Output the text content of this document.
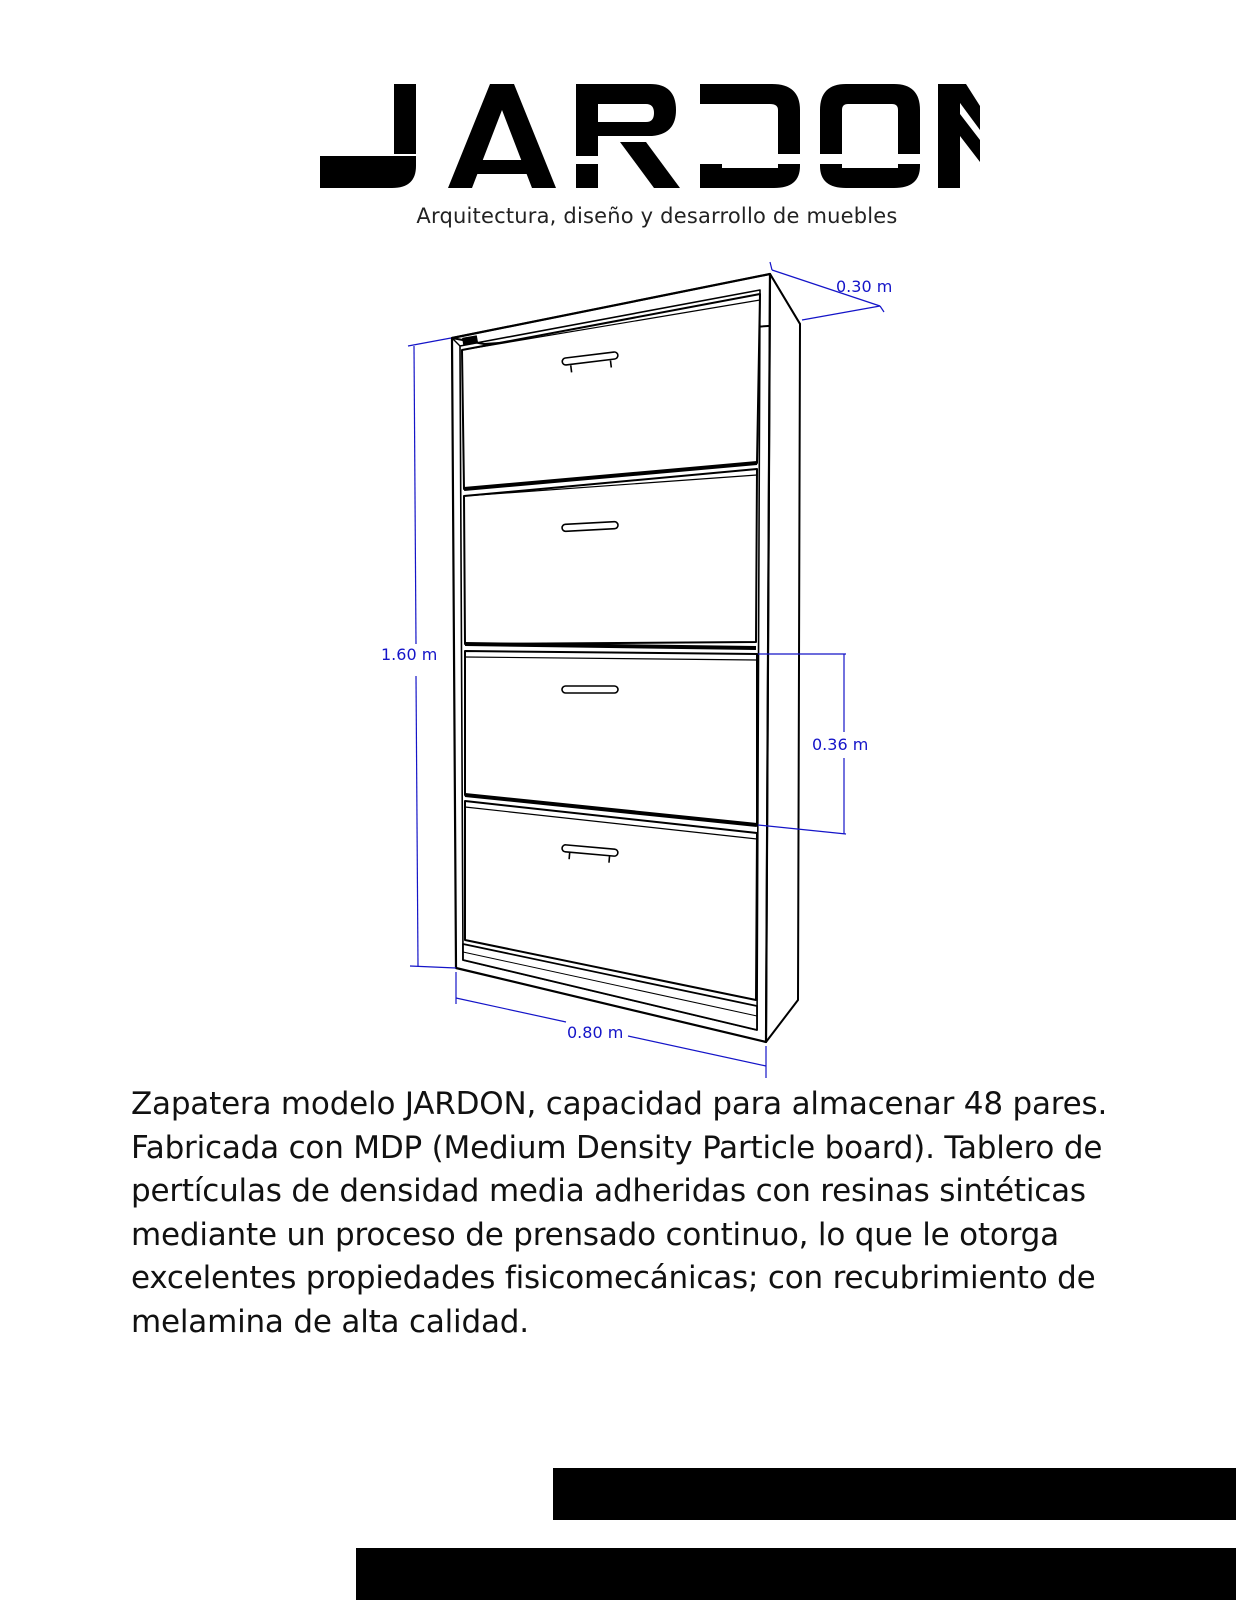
Arquitectura, diseño y desarrollo de muebles
0.30 m
1.60 m
0.36 m
0.80 m

Zapatera modelo JARDON, capacidad para almacenar 48 pares. Fabricada con MDP (Medium Density Particle board). Tablero de pertículas de densidad media adheridas con resinas sintéticas mediante un proceso de prensado continuo, lo que le otorga excelentes propiedades fisicomecánicas; con recubrimiento de melamina de alta calidad.
